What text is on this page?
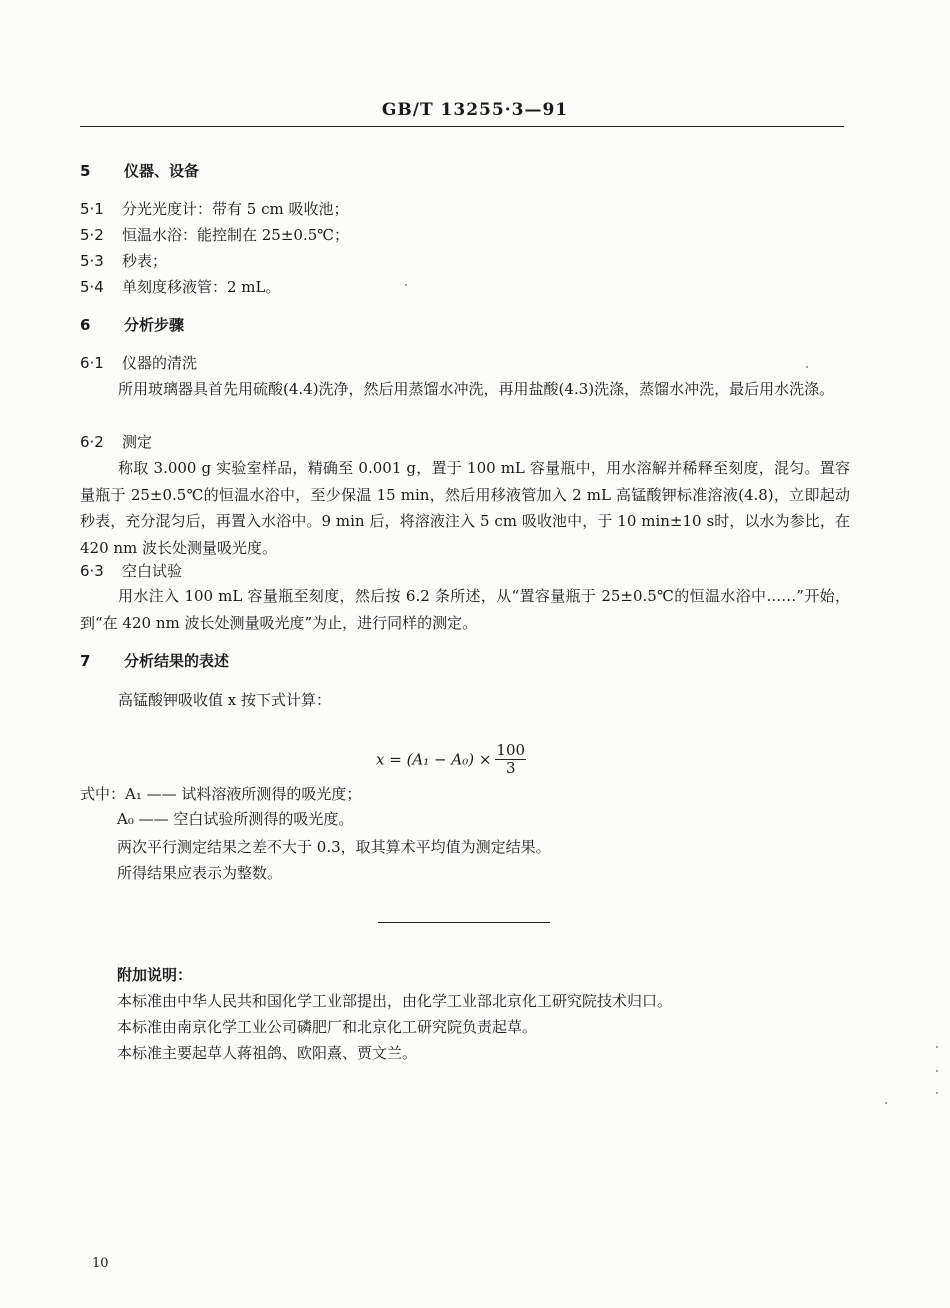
GB/T 13255·3—91
5 仪器、设备
5·1 分光光度计：带有 5 cm 吸收池；
5·2 恒温水浴：能控制在 25±0.5℃；
5·3 秒表；
5·4 单刻度移液管：2 mL。
6 分析步骤
6·1 仪器的清洗
所用玻璃器具首先用硫酸(4.4)洗净，然后用蒸馏水冲洗，再用盐酸(4.3)洗涤，蒸馏水冲洗，最后用水洗涤。
6·2 测定
称取 3.000 g 实验室样品，精确至 0.001 g，置于 100 mL 容量瓶中，用水溶解并稀释至刻度，混匀。置容量瓶于 25±0.5℃的恒温水浴中，至少保温 15 min，然后用移液管加入 2 mL 高锰酸钾标准溶液(4.8)，立即起动秒表，充分混匀后，再置入水浴中。9 min 后，将溶液注入 5 cm 吸收池中，于 10 min±10 s时，以水为参比，在 420 nm 波长处测量吸光度。
6·3 空白试验
用水注入 100 mL 容量瓶至刻度，然后按 6.2 条所述，从“置容量瓶于 25±0.5℃的恒温水浴中……”开始，到“在 420 nm 波长处测量吸光度”为止，进行同样的测定。
7 分析结果的表述
高锰酸钾吸收值 x 按下式计算：
$x = (A_1 - A_0) \times \frac{100}{3}$
式中：A₁ —— 试料溶液所测得的吸光度；
A₀ —— 空白试验所测得的吸光度。
两次平行测定结果之差不大于 0.3，取其算术平均值为测定结果。
所得结果应表示为整数。
附加说明：
本标准由中华人民共和国化学工业部提出，由化学工业部北京化工研究院技术归口。
本标准由南京化学工业公司磷肥厂和北京化工研究院负责起草。
本标准主要起草人蒋祖鸽、欧阳熹、贾文兰。
10
